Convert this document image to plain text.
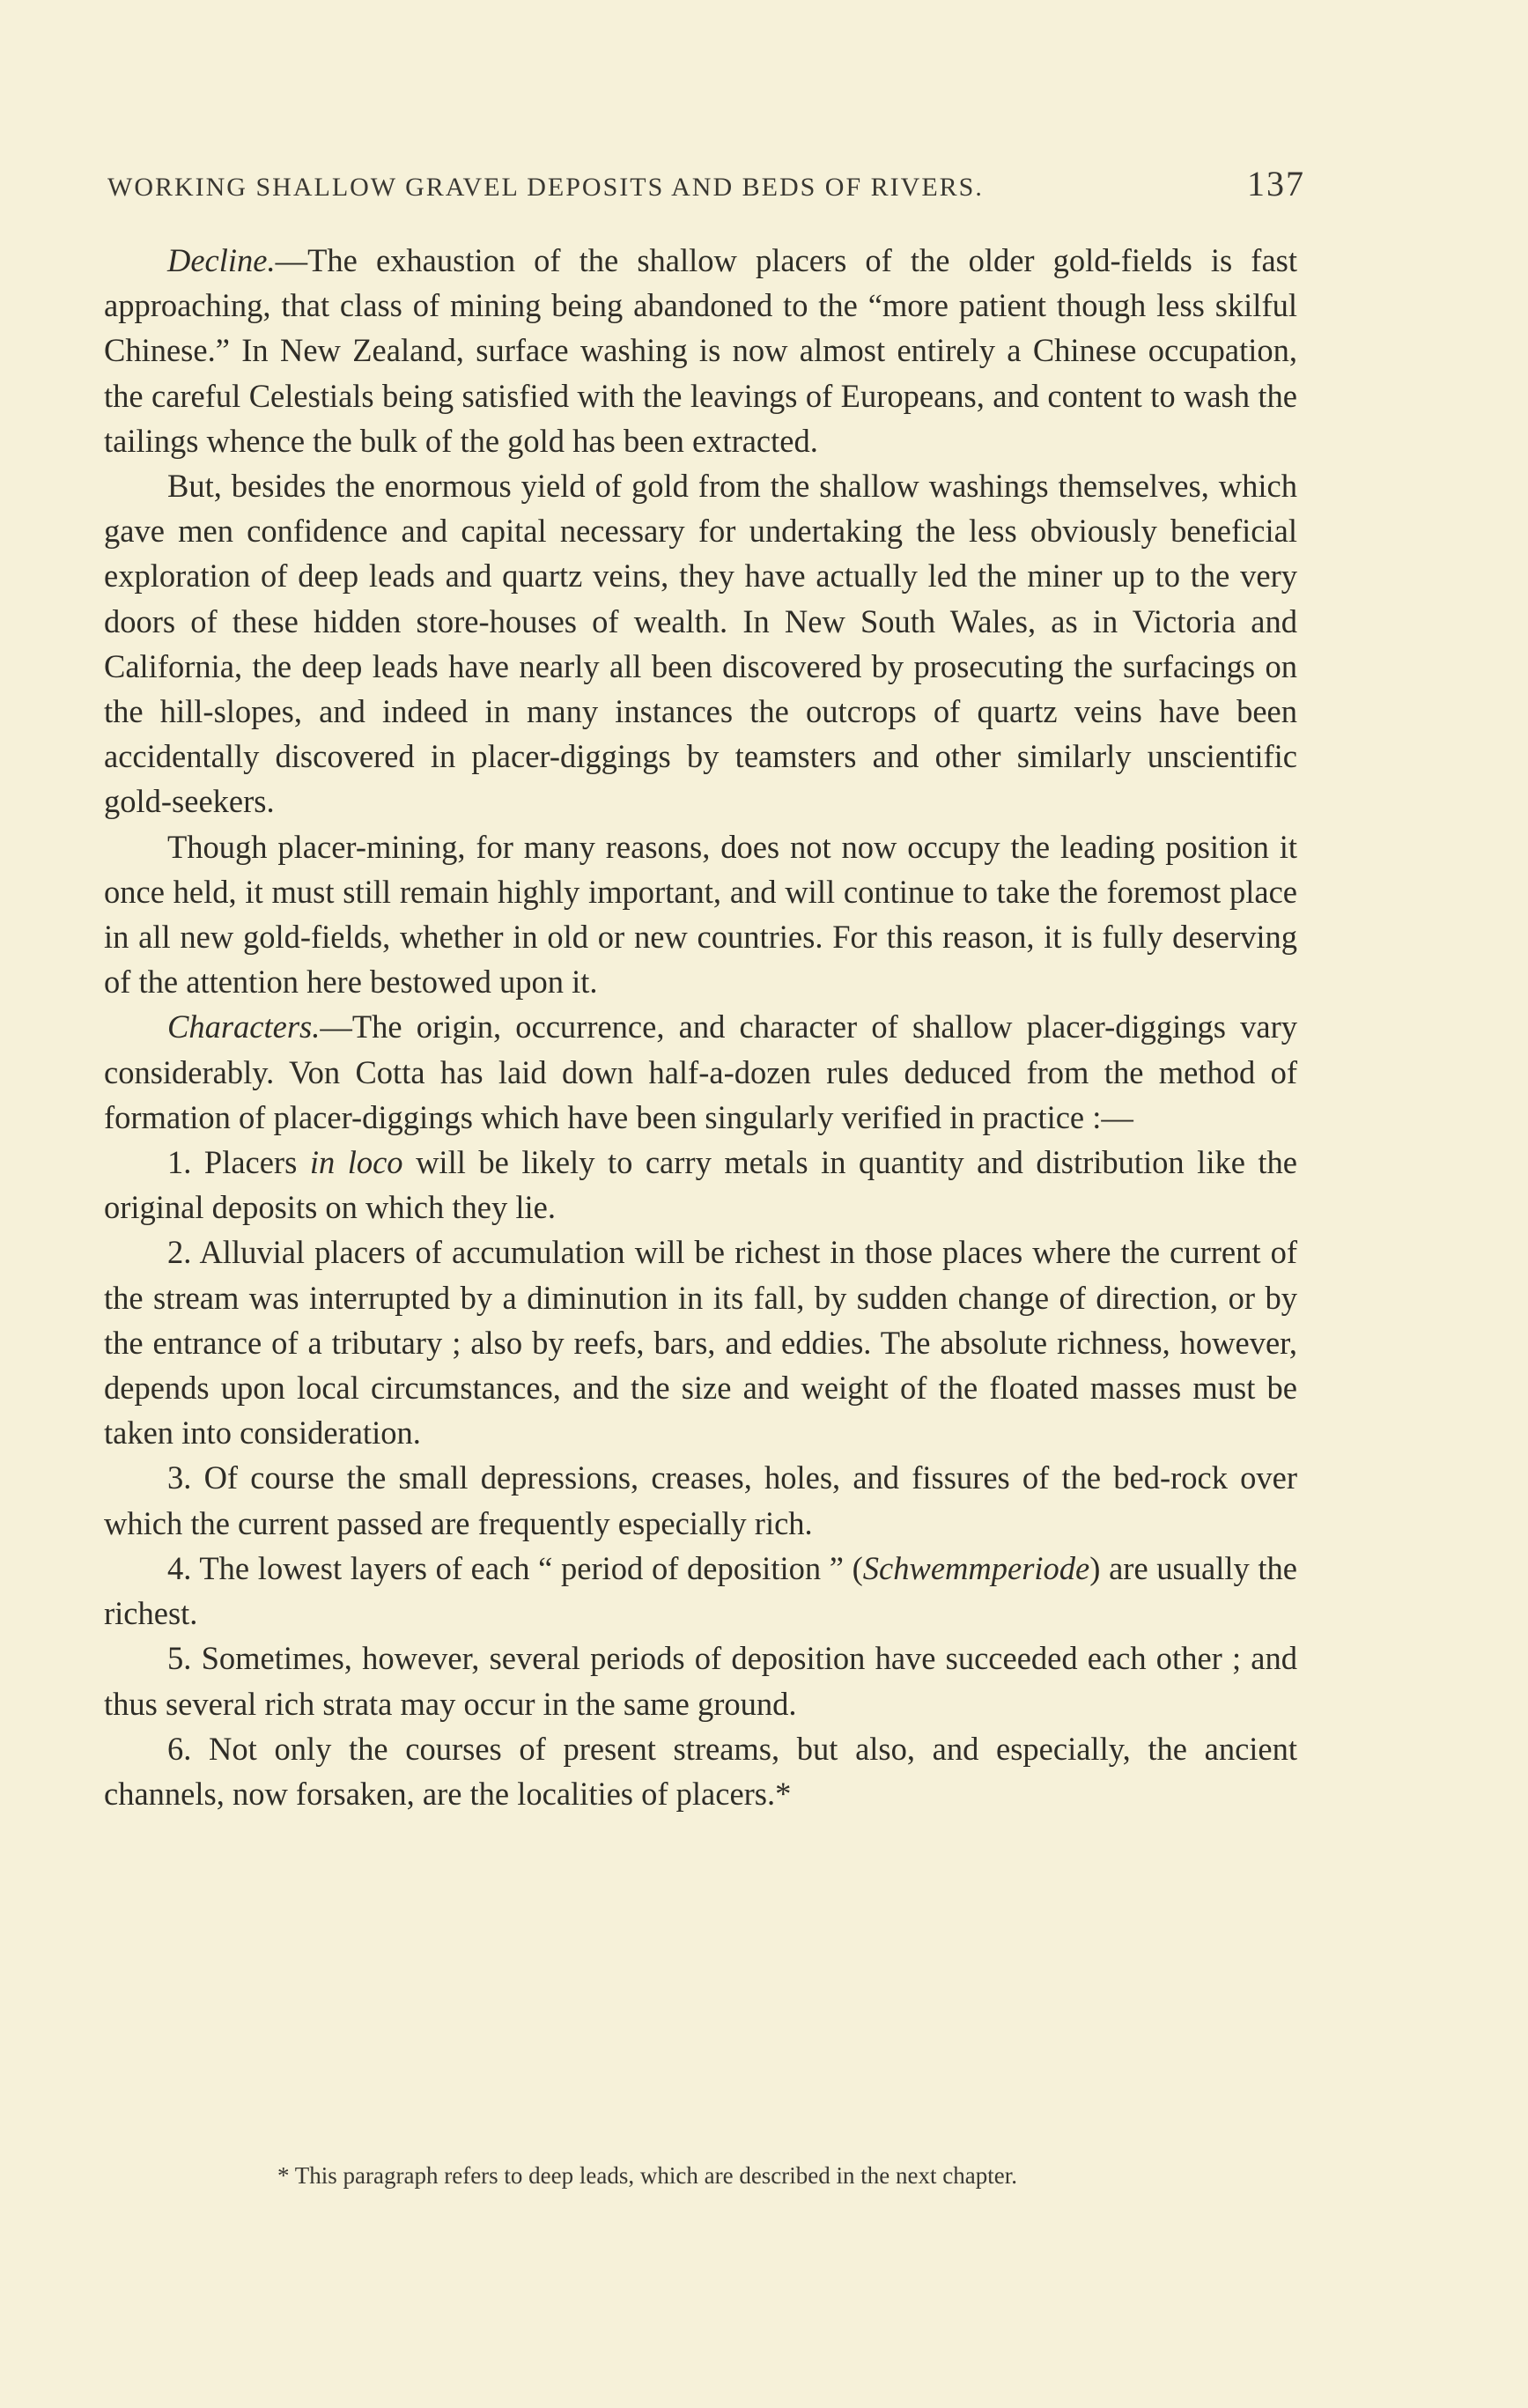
WORKING SHALLOW GRAVEL DEPOSITS AND BEDS OF RIVERS.	137

Decline.—The exhaustion of the shallow placers of the older gold-fields is fast approaching, that class of mining being abandoned to the “more patient though less skilful Chinese.” In New Zealand, surface washing is now almost entirely a Chinese occupation, the careful Celestials being satisfied with the leavings of Europeans, and content to wash the tailings whence the bulk of the gold has been extracted.

But, besides the enormous yield of gold from the shallow washings themselves, which gave men confidence and capital necessary for undertaking the less obviously beneficial exploration of deep leads and quartz veins, they have actually led the miner up to the very doors of these hidden store-houses of wealth. In New South Wales, as in Victoria and California, the deep leads have nearly all been discovered by prosecuting the surfacings on the hill-slopes, and indeed in many instances the outcrops of quartz veins have been accidentally discovered in placer-diggings by teamsters and other similarly unscientific gold-seekers.

Though placer-mining, for many reasons, does not now occupy the leading position it once held, it must still remain highly important, and will continue to take the foremost place in all new gold-fields, whether in old or new countries. For this reason, it is fully deserving of the attention here bestowed upon it.

Characters.—The origin, occurrence, and character of shallow placer-diggings vary considerably. Von Cotta has laid down half-a-dozen rules deduced from the method of formation of placer-diggings which have been singularly verified in practice :—

1. Placers in loco will be likely to carry metals in quantity and distribution like the original deposits on which they lie.

2. Alluvial placers of accumulation will be richest in those places where the current of the stream was interrupted by a diminution in its fall, by sudden change of direction, or by the entrance of a tributary ; also by reefs, bars, and eddies. The absolute richness, however, depends upon local circumstances, and the size and weight of the floated masses must be taken into consideration.

3. Of course the small depressions, creases, holes, and fissures of the bed-rock over which the current passed are frequently especially rich.

4. The lowest layers of each “ period of deposition ” (Schwemmperiode) are usually the richest.

5. Sometimes, however, several periods of deposition have succeeded each other ; and thus several rich strata may occur in the same ground.

6. Not only the courses of present streams, but also, and especially, the ancient channels, now forsaken, are the localities of placers.*

* This paragraph refers to deep leads, which are described in the next chapter.
